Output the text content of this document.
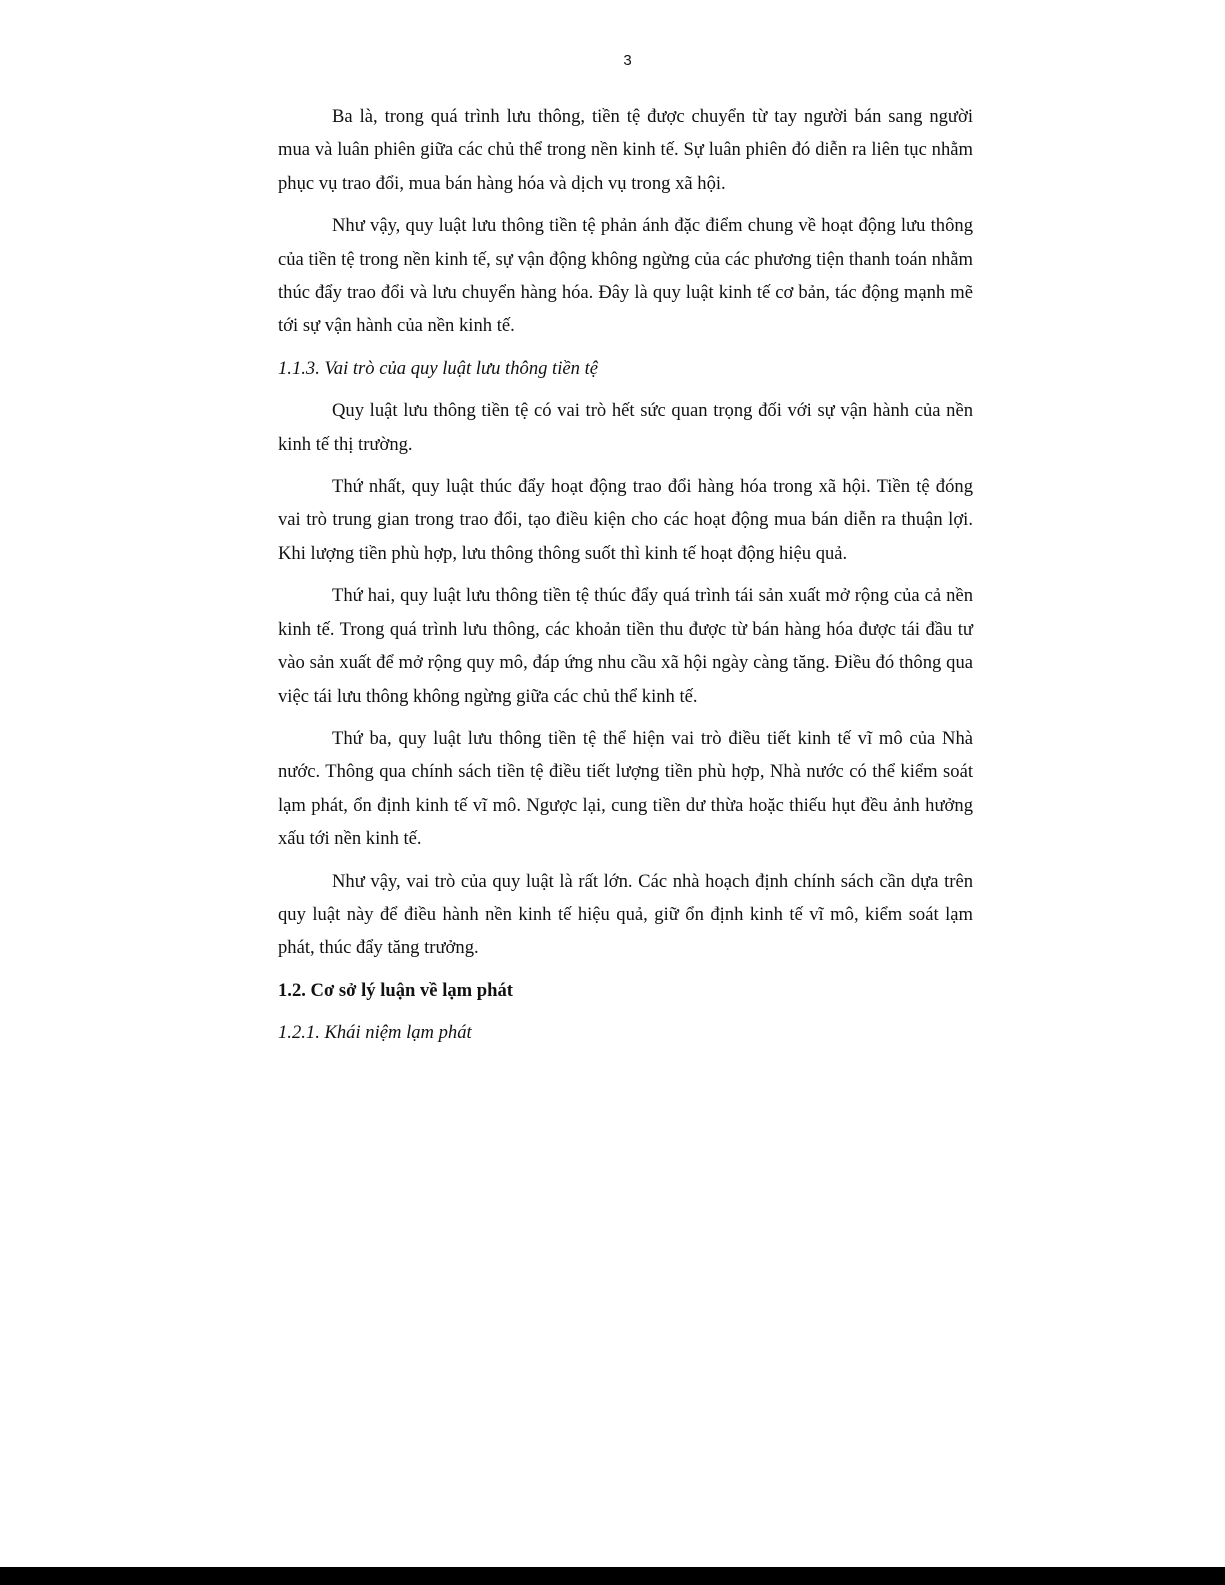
3

Ba là, trong quá trình lưu thông, tiền tệ được chuyển từ tay người bán sang người mua và luân phiên giữa các chủ thể trong nền kinh tế. Sự luân phiên đó diễn ra liên tục nhằm phục vụ trao đổi, mua bán hàng hóa và dịch vụ trong xã hội.

Như vậy, quy luật lưu thông tiền tệ phản ánh đặc điểm chung về hoạt động lưu thông của tiền tệ trong nền kinh tế, sự vận động không ngừng của các phương tiện thanh toán nhằm thúc đẩy trao đổi và lưu chuyển hàng hóa. Đây là quy luật kinh tế cơ bản, tác động mạnh mẽ tới sự vận hành của nền kinh tế.

1.1.3. Vai trò của quy luật lưu thông tiền tệ

Quy luật lưu thông tiền tệ có vai trò hết sức quan trọng đối với sự vận hành của nền kinh tế thị trường.

Thứ nhất, quy luật thúc đẩy hoạt động trao đổi hàng hóa trong xã hội. Tiền tệ đóng vai trò trung gian trong trao đổi, tạo điều kiện cho các hoạt động mua bán diễn ra thuận lợi. Khi lượng tiền phù hợp, lưu thông thông suốt thì kinh tế hoạt động hiệu quả.

Thứ hai, quy luật lưu thông tiền tệ thúc đẩy quá trình tái sản xuất mở rộng của cả nền kinh tế. Trong quá trình lưu thông, các khoản tiền thu được từ bán hàng hóa được tái đầu tư vào sản xuất để mở rộng quy mô, đáp ứng nhu cầu xã hội ngày càng tăng. Điều đó thông qua việc tái lưu thông không ngừng giữa các chủ thể kinh tế.

Thứ ba, quy luật lưu thông tiền tệ thể hiện vai trò điều tiết kinh tế vĩ mô của Nhà nước. Thông qua chính sách tiền tệ điều tiết lượng tiền phù hợp, Nhà nước có thể kiểm soát lạm phát, ổn định kinh tế vĩ mô. Ngược lại, cung tiền dư thừa hoặc thiếu hụt đều ảnh hưởng xấu tới nền kinh tế.

Như vậy, vai trò của quy luật là rất lớn. Các nhà hoạch định chính sách cần dựa trên quy luật này để điều hành nền kinh tế hiệu quả, giữ ổn định kinh tế vĩ mô, kiểm soát lạm phát, thúc đẩy tăng trưởng.

1.2. Cơ sở lý luận về lạm phát

1.2.1. Khái niệm lạm phát
